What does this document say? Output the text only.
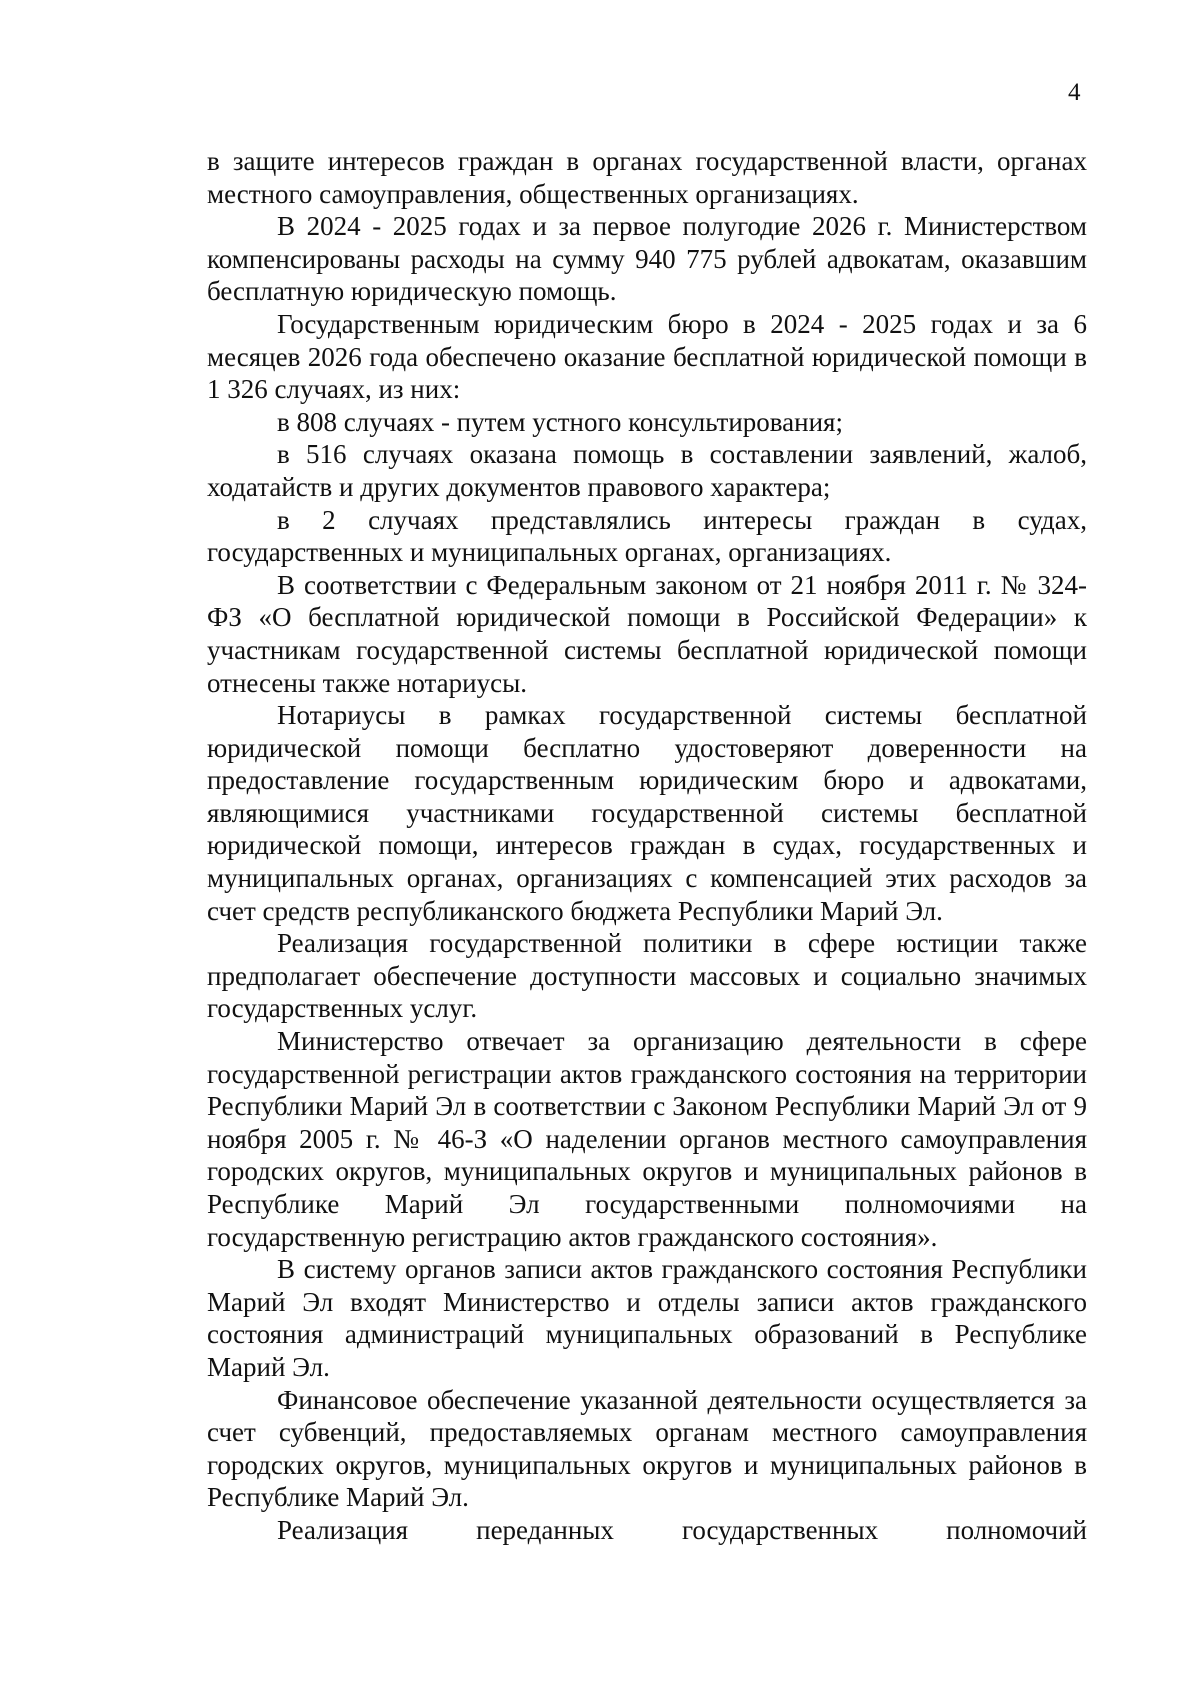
4

в защите интересов граждан в органах государственной власти, органах местного самоуправления, общественных организациях.

В 2024 - 2025 годах и за первое полугодие 2026 г. Министерством компенсированы расходы на сумму 940 775 рублей адвокатам, оказавшим бесплатную юридическую помощь.

Государственным юридическим бюро в 2024 - 2025 годах и за 6 месяцев 2026 года обеспечено оказание бесплатной юридической помощи в 1 326 случаях, из них:

в 808 случаях - путем устного консультирования;

в 516 случаях оказана помощь в составлении заявлений, жалоб, ходатайств и других документов правового характера;

в 2 случаях представлялись интересы граждан в судах, государственных и муниципальных органах, организациях.

В соответствии с Федеральным законом от 21 ноября 2011 г. № 324-ФЗ «О бесплатной юридической помощи в Российской Федерации» к участникам государственной системы бесплатной юридической помощи отнесены также нотариусы.

Нотариусы в рамках государственной системы бесплатной юридической помощи бесплатно удостоверяют доверенности на предоставление государственным юридическим бюро и адвокатами, являющимися участниками государственной системы бесплатной юридической помощи, интересов граждан в судах, государственных и муниципальных органах, организациях с компенсацией этих расходов за счет средств республиканского бюджета Республики Марий Эл.

Реализация государственной политики в сфере юстиции также предполагает обеспечение доступности массовых и социально значимых государственных услуг.

Министерство отвечает за организацию деятельности в сфере государственной регистрации актов гражданского состояния на территории Республики Марий Эл в соответствии с Законом Республики Марий Эл от 9 ноября 2005 г. № 46-З «О наделении органов местного самоуправления городских округов, муниципальных округов и муниципальных районов в Республике Марий Эл государственными полномочиями на государственную регистрацию актов гражданского состояния».

В систему органов записи актов гражданского состояния Республики Марий Эл входят Министерство и отделы записи актов гражданского состояния администраций муниципальных образований в Республике Марий Эл.

Финансовое обеспечение указанной деятельности осуществляется за счет субвенций, предоставляемых органам местного самоуправления городских округов, муниципальных округов и муниципальных районов в Республике Марий Эл.

Реализация переданных государственных полномочий
